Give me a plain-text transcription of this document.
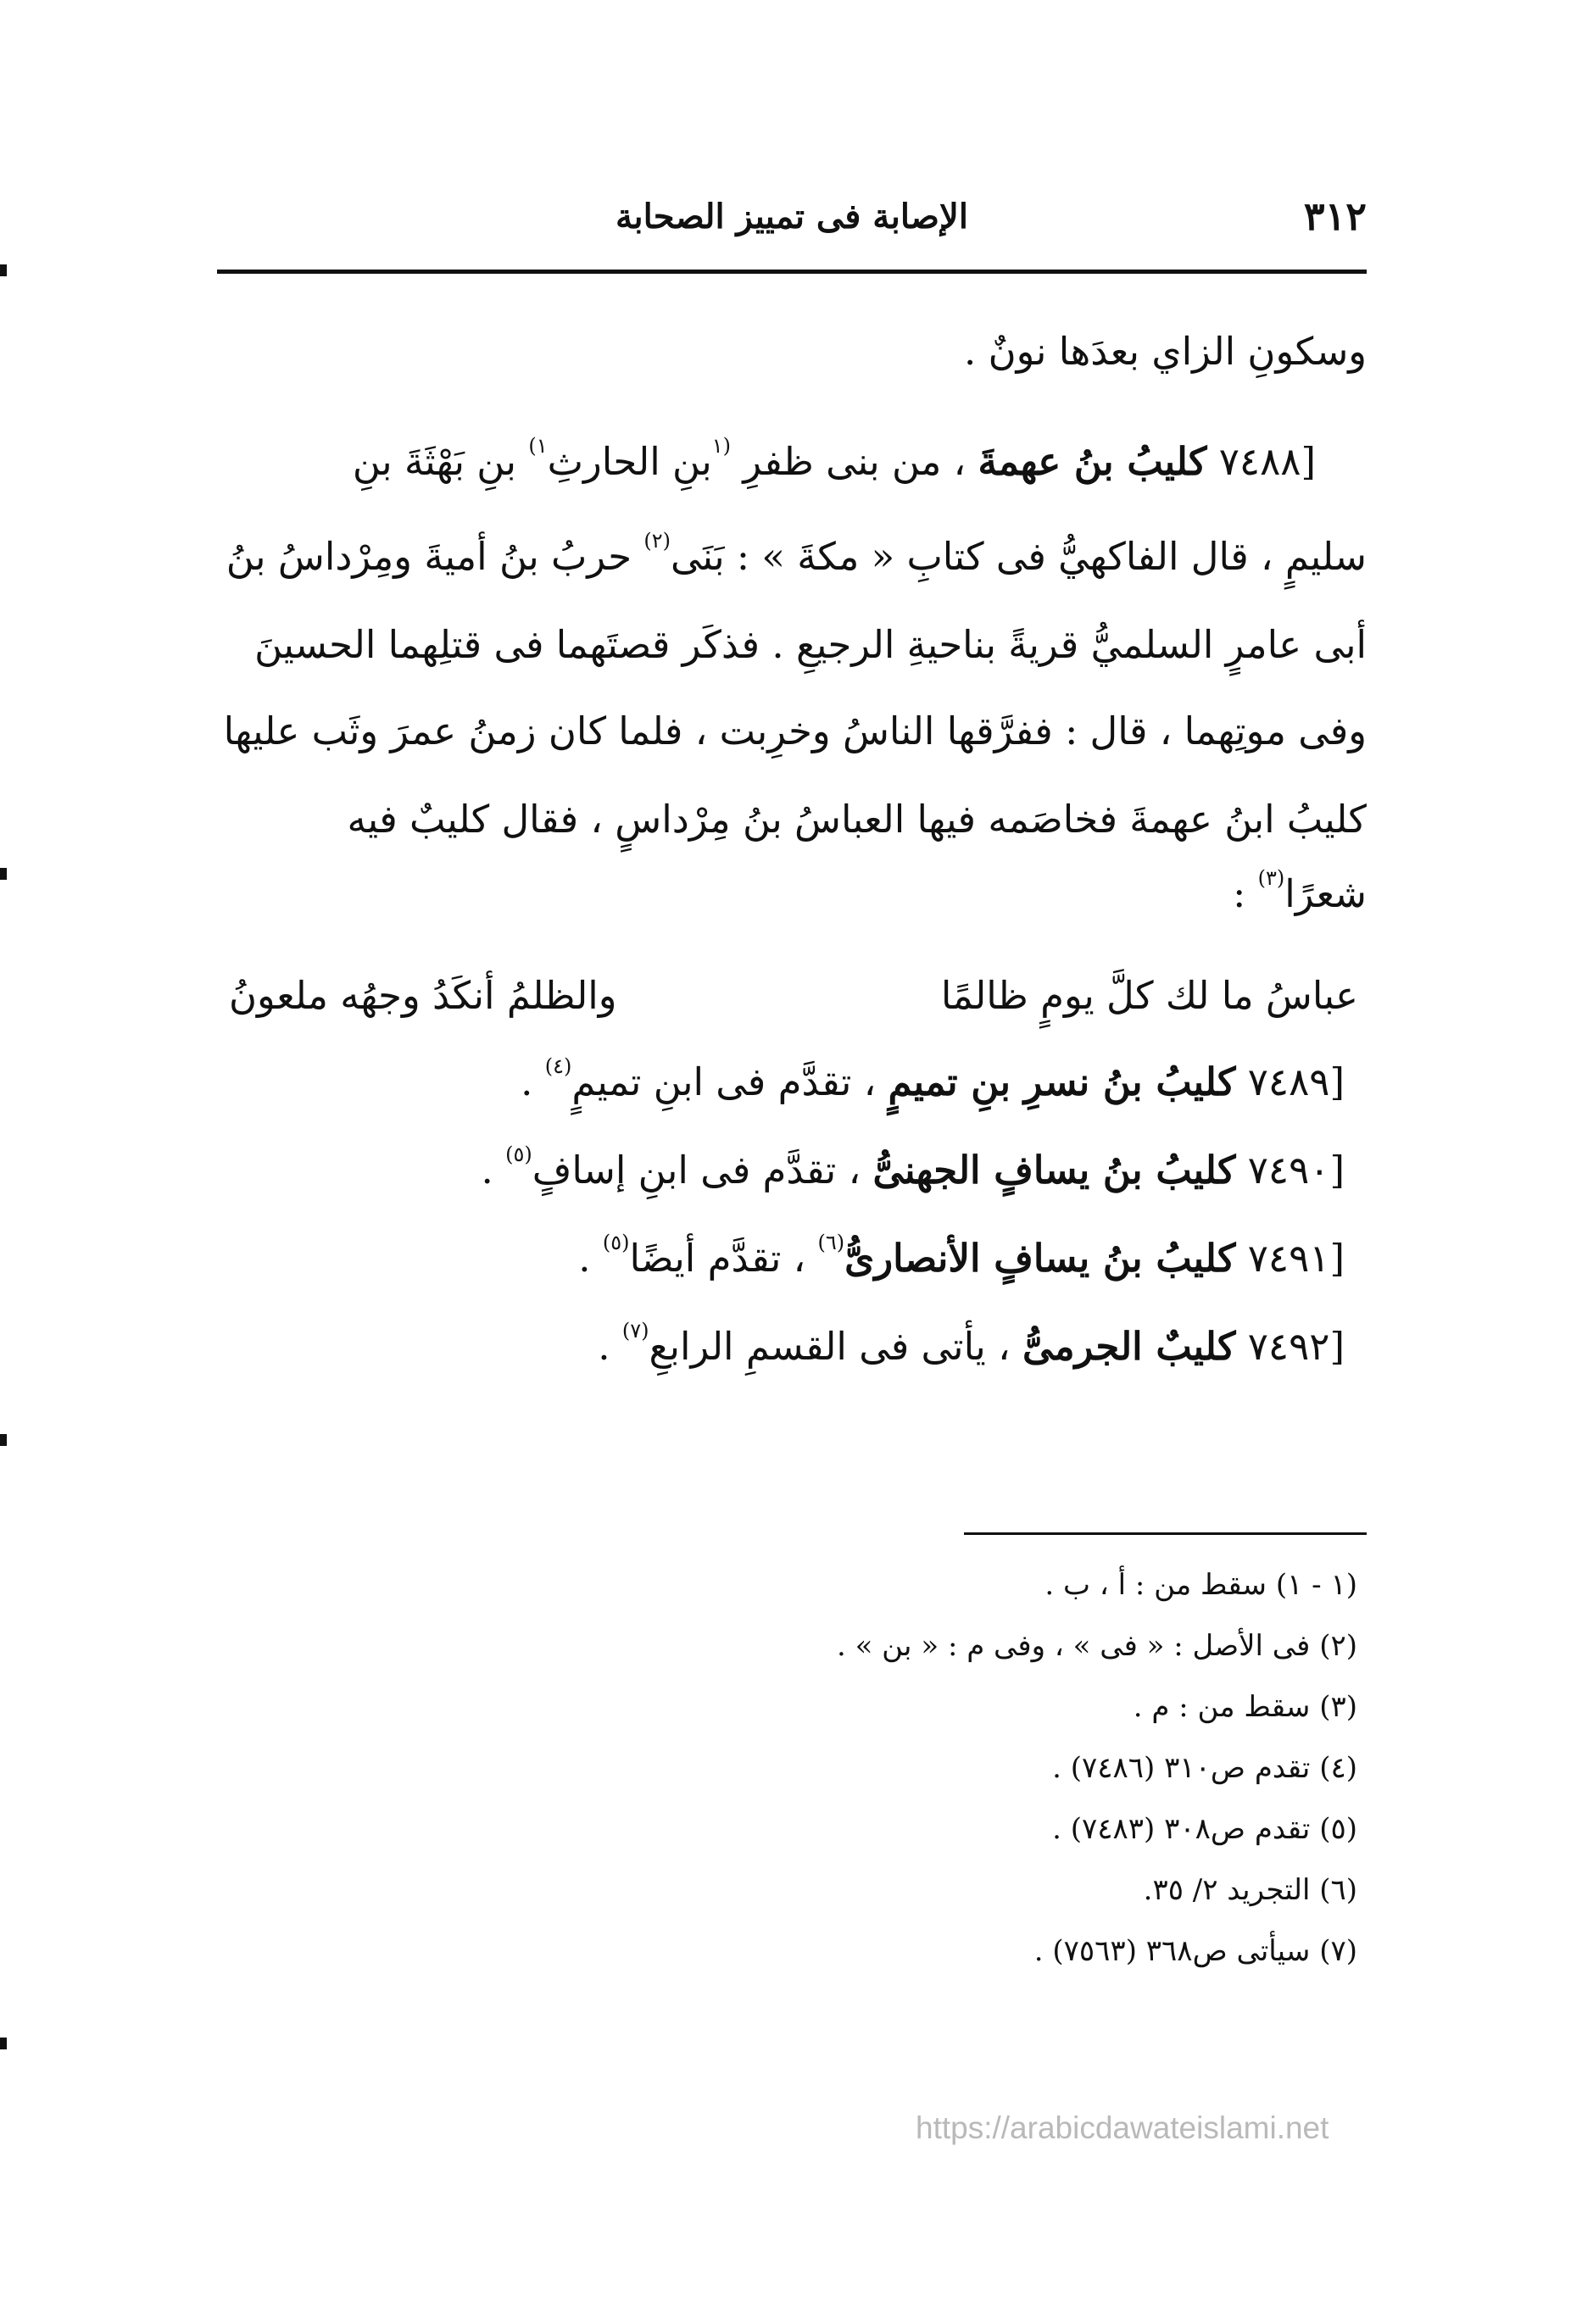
٣١٢
الإصابة فى تمييز الصحابة
وسكونِ الزاي بعدَها نونٌ .
[٧٤٨٨ كليبُ بنُ عهمةَ ، من بنى ظفرِ $^{(١}$بنِ الحارثِ$^{١)}$ بنِ بَهْثَةَ بنِ
سليمٍ ، قال الفاكهيُّ فى كتابِ « مكةَ » : بَنَى$^{(٢)}$ حربُ بنُ أميةَ ومِرْداسُ بنُ
أبى عامرٍ السلميُّ قريةً بناحيةِ الرجيعِ . فذكَر قصتَهما فى قتلِهما الحسينَ
وفى موتِهما ، قال : ففرَّقها الناسُ وخرِبت ، فلما كان زمنُ عمرَ وثَب عليها
كليبُ ابنُ عهمةَ فخاصَمه فيها العباسُ بنُ مِرْداسٍ ، فقال كليبٌ فيه
شعرًا$^{(٣)}$ :
عباسُ ما لك كلَّ يومٍ ظالمًا
والظلمُ أنكَدُ وجهُه ملعونُ
[٧٤٨٩ كليبُ بنُ نسرِ بنِ تميمٍ ، تقدَّم فى ابنِ تميمٍ$^{(٤)}$ .
[٧٤٩٠ كليبُ بنُ يسافٍ الجهنىُّ ، تقدَّم فى ابنِ إسافٍ$^{(٥)}$ .
[٧٤٩١ كليبُ بنُ يسافٍ الأنصارىُّ$^{(٦)}$ ، تقدَّم أيضًا$^{(٥)}$ .
[٧٤٩٢ كليبٌ الجرمىُّ ، يأتى فى القسمِ الرابعِ$^{(٧)}$ .
(١ - ١) سقط من : أ ، ب .
(٢) فى الأصل : « فى » ، وفى م : « بن » .
(٣) سقط من : م .
(٤) تقدم ص٣١٠ (٧٤٨٦) .
(٥) تقدم ص٣٠٨ (٧٤٨٣) .
(٦) التجريد ٢/ ٣٥.
(٧) سيأتى ص٣٦٨ (٧٥٦٣) .
https://arabicdawateislami.net
